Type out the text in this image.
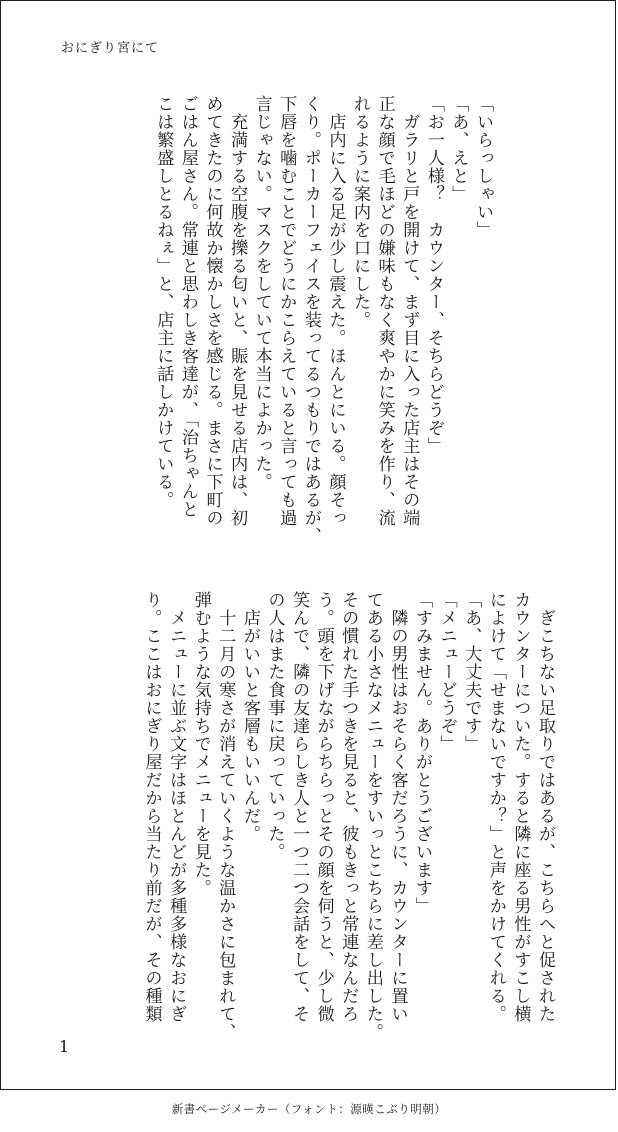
おにぎり宮にて
「いらっしゃい」
「あ、えと」
「お一人様？　カウンター、そちらどうぞ」
　ガラリと戸を開けて、まず目に入った店主はその端
正な顔で毛ほどの嫌味もなく爽やかに笑みを作り、流
れるように案内を口にした。
　店内に入る足が少し震えた。ほんとにいる。顔そっ
くり。ポーカーフェイスを装ってるつもりではあるが、
下唇を噛むことでどうにかこらえていると言っても過
言じゃない。マスクをしていて本当によかった。
　充満する空腹を擽る匂いと、賑を見せる店内は、初
めてきたのに何故か懐かしさを感じる。まさに下町の
ごはん屋さん。常連と思わしき客達が、「治ちゃんと
こは繁盛しとるねぇ」と、店主に話しかけている。
　ぎこちない足取りではあるが、こちらへと促された
カウンターについた。すると隣に座る男性がすこし横
によけて「せまないですか？」と声をかけてくれる。
「あ、大丈夫です」
「メニューどうぞ」
「すみません。ありがとうございます」
　隣の男性はおそらく客だろうに、カウンターに置い
てある小さなメニューをすいっとこちらに差し出した。
その慣れた手つきを見ると、彼もきっと常連なんだろ
う。頭を下げながらちらっとその顔を伺うと、少し微
笑んで、隣の友達らしき人と一つ二つ会話をして、そ
の人はまた食事に戻っていった。
　店がいいと客層もいいんだ。
　十二月の寒さが消えていくような温かさに包まれて、
弾むような気持ちでメニューを見た。
　メニューに並ぶ文字はほとんどが多種多様なおにぎ
り。ここはおにぎり屋だから当たり前だが、その種類
1
新書ページメーカー（フォント：源暎こぶり明朝）
